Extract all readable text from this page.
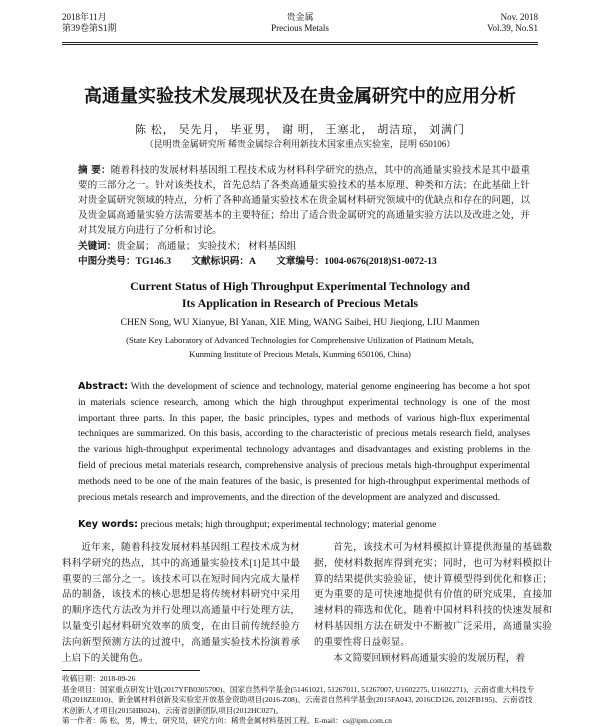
2018年11月
第39卷第S1期
贵金属
Precious Metals
Nov. 2018
Vol.39, No.S1
高通量实验技术发展现状及在贵金属研究中的应用分析
陈 松， 吴先月， 毕亚男， 谢 明， 王塞北， 胡洁琼， 刘满门
（昆明贵金属研究所 稀贵金属综合利用新技术国家重点实验室，昆明 650106）
摘 要：随着科技的发展材料基因组工程技术成为材料科学研究的热点，其中的高通量实验技术是其中最重要的三部分之一。针对该类技术，首先总结了各类高通量实验技术的基本原理、种类和方法；在此基础上针对贵金属研究领域的特点，分析了各种高通量实验技术在贵金属材料研究领域中的优缺点和存在的问题，以及贵金属高通量实验方法需要基本的主要特征；给出了适合贵金属研究的高通量实验方法以及改进之处，并对其发展方向进行了分析和讨论。
关键词：贵金属； 高通量； 实验技术； 材料基因组
中图分类号：TG146.3 文献标识码：A 文章编号：1004-0676(2018)S1-0072-13
Current Status of High Throughput Experimental Technology and
Its Application in Research of Precious Metals
CHEN Song, WU Xianyue, BI Yanan, XIE Ming, WANG Saibei, HU Jieqiong, LIU Manmen
(State Key Laboratory of Advanced Technologies for Comprehensive Utilization of Platinum Metals,
Kunming Institute of Precious Metals, Kunming 650106, China)
Abstract: With the development of science and technology, material genome engineering has become a hot spot in materials science research, among which the high throughput experimental technology is one of the most important three parts. In this paper, the basic principles, types and methods of various high-flux experimental techniques are summarized. On this basis, according to the characteristic of precious metals research field, analyses the various high-throughput experimental technology advantages and disadvantages and existing problems in the field of precious metal materials research, comprehensive analysis of precious metals high-throughput experimental methods need to be one of the main features of the basic, is presented for high-throughput experimental methods of precious metals research and improvements, and the direction of the development are analyzed and discussed.
Key words: precious metals; high throughput; experimental technology; material genome
近年来，随着科技发展材料基因组工程技术成为材料科学研究的热点，其中的高通量实验技术[1]是其中最重要的三部分之一。该技术可以在短时间内完成大量样品的制备，该技术的核心思想是将传统材料研究中采用的顺序迭代方法改为并行处理以高通量中行处理方法，以量变引起材料研究效率的质变，在由目前传统经验方法向新型预测方法的过渡中，高通量实验技术扮演着承上启下的关键角色。

首先，该技术可为材料模拟计算提供海量的基础数据，使材料数据库得到充实；同时，也可为材料模拟计算的结果提供实验验证，使计算模型得到优化和修正；更为重要的是可快速地提供有价值的研究成果，直接加速材料的筛选和优化，随着中国材料科技的快速发展和材料基因组方法在研发中不断被广泛采用，高通量实验的重要性将日益彰显。

本文简要回顾材料高通量实验的发展历程，着

收稿日期：2018-09-26
基金项目：国家重点研发计划(2017YFB0305700)、国家自然科学基金(51461021, 51267011, 51267007, U1602275, U1602271)、云南省重大科技专项(2018ZE010)、新金属材料创新及实验室开放基金资助项目(2016-Z08)、云南省自然科学基金(2015FA043, 2016CD126, 2012FB195)、云南省技术创新人才项目(2015HB024)、云南省创新团队项目(2012HC027)。
第一作者：陈 松，男，博士，研究员，研究方向：稀贵金属材料基因工程。E-mail：cs@ipm.com.cn
